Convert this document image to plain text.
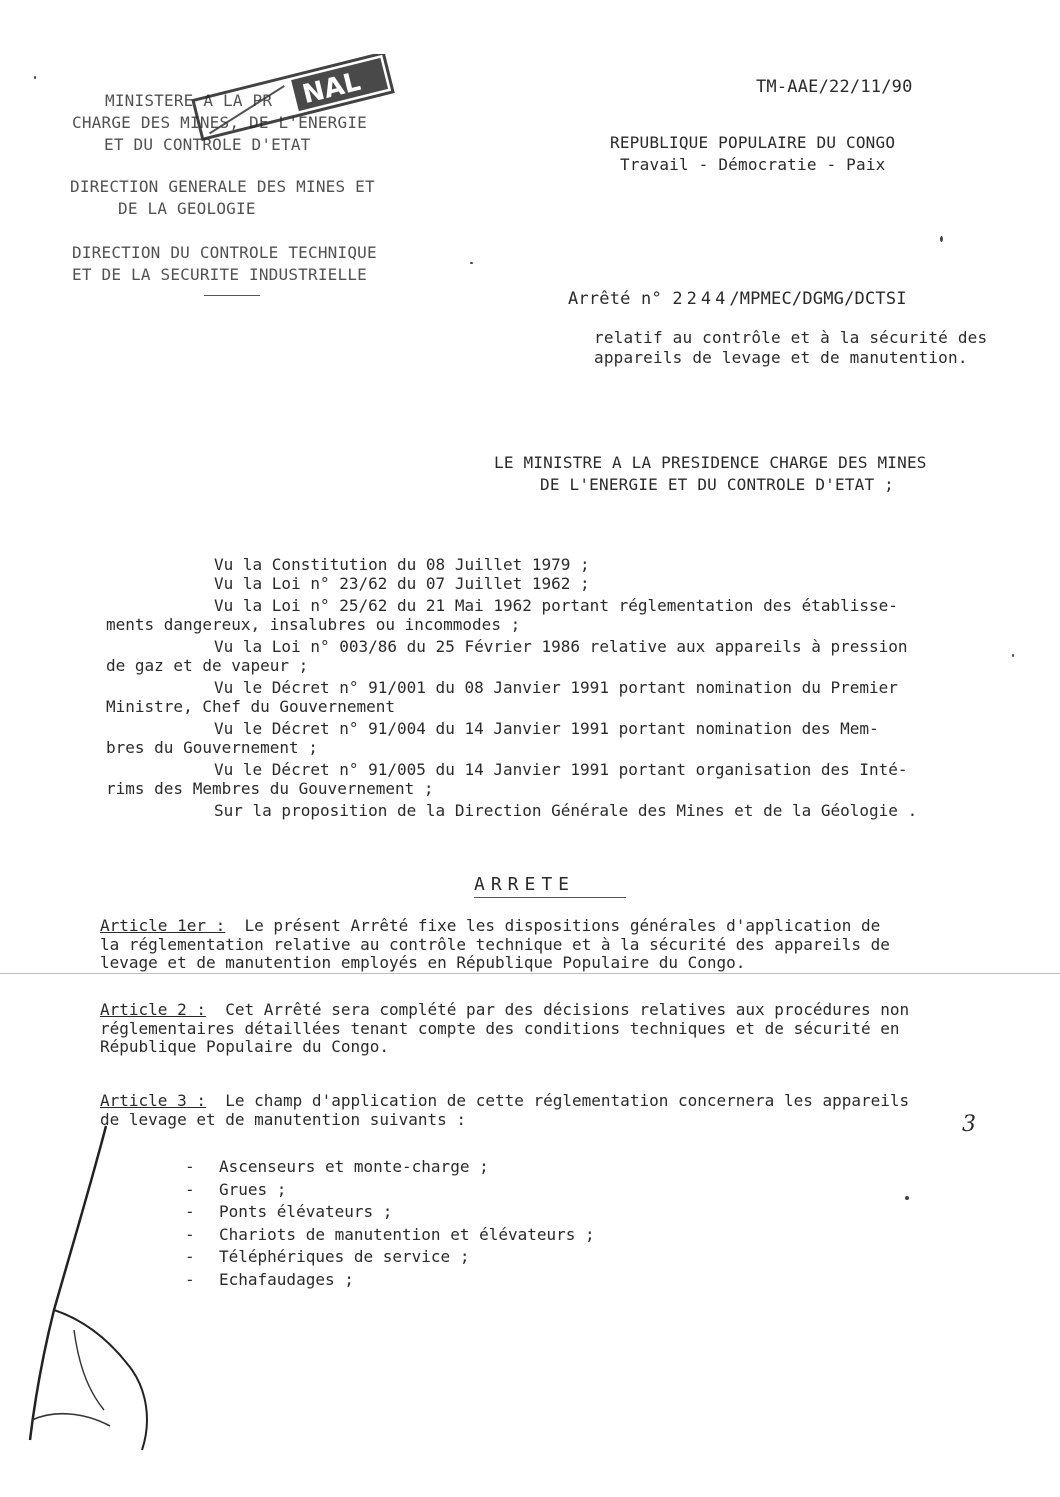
TM-AAE/22/11/90
MINISTERE A LA PR
CHARGE DES MINES, DE L'ENERGIE
ET DU CONTROLE D'ETAT
DIRECTION GENERALE DES MINES ET
DE LA GEOLOGIE
DIRECTION DU CONTROLE TECHNIQUE
ET DE LA SECURITE INDUSTRIELLE
NAL
REPUBLIQUE POPULAIRE DU CONGO
Travail - Démocratie - Paix
Arrêté n° 2244/MPMEC/DGMG/DCTSI
relatif au contrôle et à la sécurité des appareils de levage et de manutention.
LE MINISTRE A LA PRESIDENCE CHARGE DES MINES
DE L'ENERGIE ET DU CONTROLE D'ETAT ;
Vu la Constitution du 08 Juillet 1979 ;
Vu la Loi n° 23/62 du 07 Juillet 1962 ;
Vu la Loi n° 25/62 du 21 Mai 1962 portant réglementation des établisse-
ments dangereux, insalubres ou incommodes ;
Vu la Loi n° 003/86 du 25 Février 1986 relative aux appareils à pression
de gaz et de vapeur ;
Vu le Décret n° 91/001 du 08 Janvier 1991 portant nomination du Premier
Ministre, Chef du Gouvernement
Vu le Décret n° 91/004 du 14 Janvier 1991 portant nomination des Mem-
bres du Gouvernement ;
Vu le Décret n° 91/005 du 14 Janvier 1991 portant organisation des Inté-
rims des Membres du Gouvernement ;
Sur la proposition de la Direction Générale des Mines et de la Géologie .
ARRETE
Article 1er : Le présent Arrêté fixe les dispositions générales d'application de
la réglementation relative au contrôle technique et à la sécurité des appareils de
levage et de manutention employés en République Populaire du Congo.
Article 2 : Cet Arrêté sera complété par des décisions relatives aux procédures non
réglementaires détaillées tenant compte des conditions techniques et de sécurité en
République Populaire du Congo.
Article 3 : Le champ d'application de cette réglementation concernera les appareils
de levage et de manutention suivants :
- Ascenseurs et monte-charge ;
- Grues ;
- Ponts élévateurs ;
- Chariots de manutention et élévateurs ;
- Téléphériques de service ;
- Echafaudages ;
3
